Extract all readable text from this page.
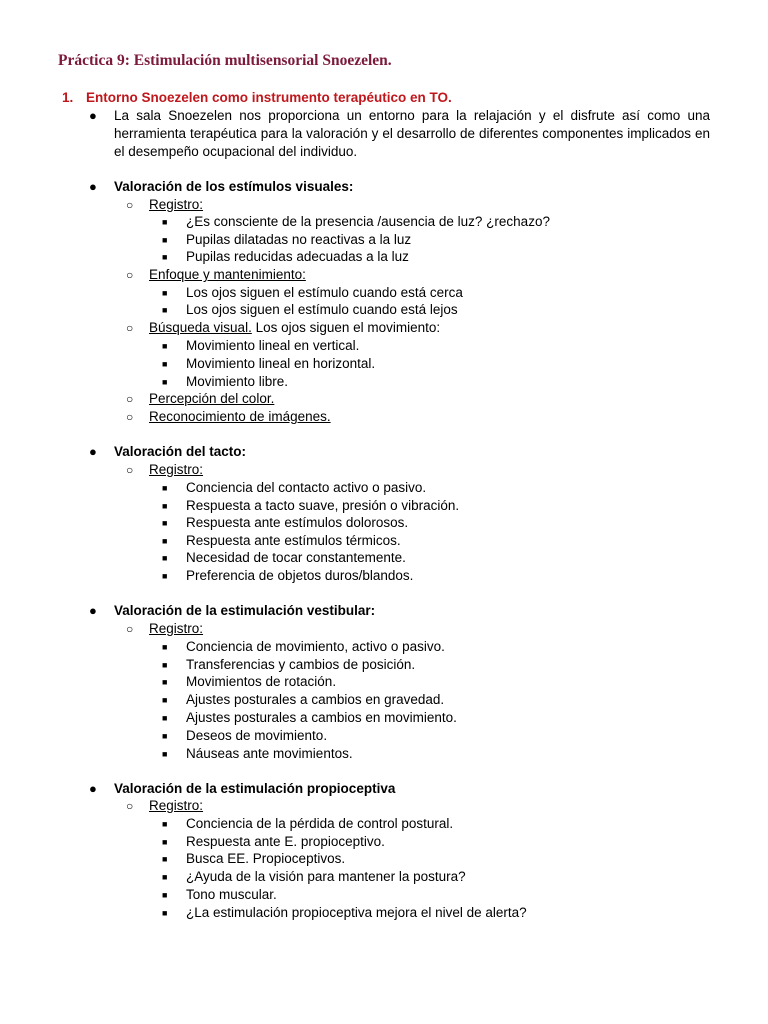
Práctica 9: Estimulación multisensorial Snoezelen.
1. Entorno Snoezelen como instrumento terapéutico en TO.
● La sala Snoezelen nos proporciona un entorno para la relajación y el disfrute así como una herramienta terapéutica para la valoración y el desarrollo de diferentes componentes implicados en el desempeño ocupacional del individuo.

● Valoración de los estímulos visuales:
○ Registro:
■ ¿Es consciente de la presencia /ausencia de luz? ¿rechazo?
■ Pupilas dilatadas no reactivas a la luz
■ Pupilas reducidas adecuadas a la luz
○ Enfoque y mantenimiento:
■ Los ojos siguen el estímulo cuando está cerca
■ Los ojos siguen el estímulo cuando está lejos
○ Búsqueda visual. Los ojos siguen el movimiento:
■ Movimiento lineal en vertical.
■ Movimiento lineal en horizontal.
■ Movimiento libre.
○ Percepción del color.
○ Reconocimiento de imágenes.
● Valoración del tacto:
○ Registro:
■ Conciencia del contacto activo o pasivo.
■ Respuesta a tacto suave, presión o vibración.
■ Respuesta ante estímulos dolorosos.
■ Respuesta ante estímulos térmicos.
■ Necesidad de tocar constantemente.
■ Preferencia de objetos duros/blandos.
● Valoración de la estimulación vestibular:
○ Registro:
■ Conciencia de movimiento, activo o pasivo.
■ Transferencias y cambios de posición.
■ Movimientos de rotación.
■ Ajustes posturales a cambios en gravedad.
■ Ajustes posturales a cambios en movimiento.
■ Deseos de movimiento.
■ Náuseas ante movimientos.
● Valoración de la estimulación propioceptiva
○ Registro:
■ Conciencia de la pérdida de control postural.
■ Respuesta ante E. propioceptivo.
■ Busca EE. Propioceptivos.
■ ¿Ayuda de la visión para mantener la postura?
■ Tono muscular.
■ ¿La estimulación propioceptiva mejora el nivel de alerta?
